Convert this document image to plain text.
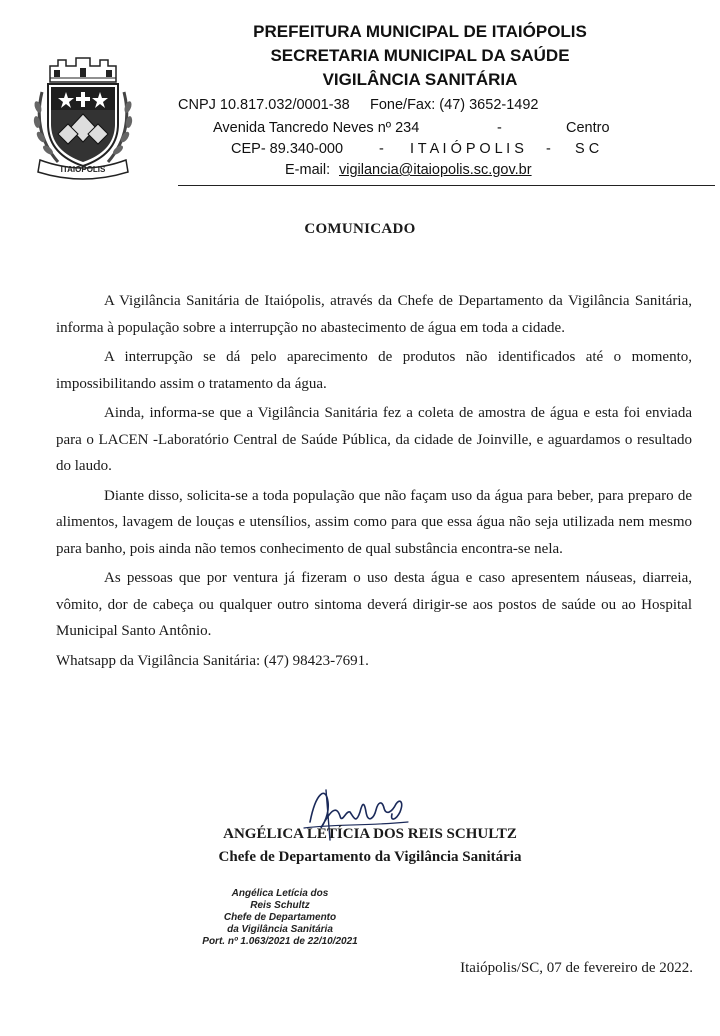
ITAIOPOLIS
PREFEITURA MUNICIPAL DE ITAIÓPOLIS
SECRETARIA MUNICIPAL DA SAÚDE
VIGILÂNCIA SANITÁRIA
CNPJ 10.817.032/0001-38 Fone/Fax: (47) 3652-1492
Avenida Tancredo Neves nº 234	-	Centro
CEP- 89.340-000 - I T A I Ó P O L I S - S C
E-mail: vigilancia@itaiopolis.sc.gov.br
COMUNICADO

A Vigilância Sanitária de Itaiópolis, através da Chefe de Departamento da Vigilância Sanitária, informa à população sobre a interrupção no abastecimento de água em toda a cidade.

A interrupção se dá pelo aparecimento de produtos não identificados até o momento, impossibilitando assim o tratamento da água.

Ainda, informa-se que a Vigilância Sanitária fez a coleta de amostra de água e esta foi enviada para o LACEN -Laboratório Central de Saúde Pública, da cidade de Joinville, e aguardamos o resultado do laudo.

Diante disso, solicita-se a toda população que não façam uso da água para beber, para preparo de alimentos, lavagem de louças e utensílios, assim como para que essa água não seja utilizada nem mesmo para banho, pois ainda não temos conhecimento de qual substância encontra-se nela.

As pessoas que por ventura já fizeram o uso desta água e caso apresentem náuseas, diarreia, vômito, dor de cabeça ou qualquer outro sintoma deverá dirigir-se aos postos de saúde ou ao Hospital Municipal Santo Antônio.

Whatsapp da Vigilância Sanitária: (47) 98423-7691.

ANGÉLICA LETÍCIA DOS REIS SCHULTZ
Chefe de Departamento da Vigilância Sanitária
Angélica Letícia dos
Reis Schultz
Chefe de Departamento
da Vigilância Sanitária
Port. nº 1.063/2021 de 22/10/2021
Itaiópolis/SC, 07 de fevereiro de 2022.
